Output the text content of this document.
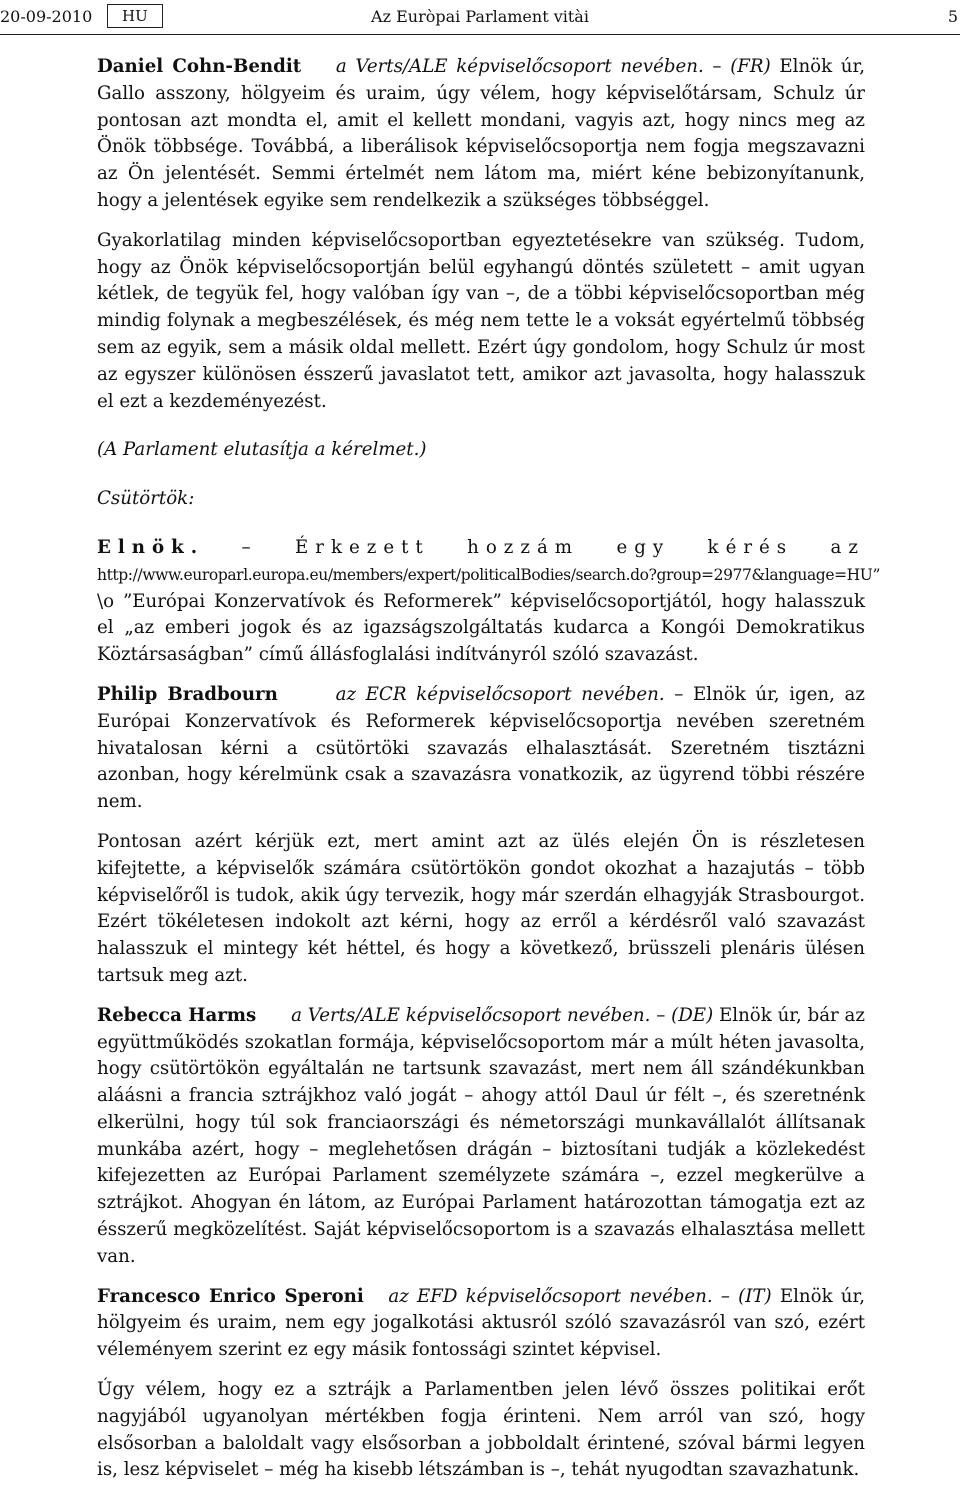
20-09-2010	HU	Az Euròpai Parlament vitài	5

Daniel Cohn-Bendit a Verts/ALE képviselőcsoport nevében. – (FR) Elnök úr, Gallo asszony, hölgyeim és uraim, úgy vélem, hogy képviselőtársam, Schulz úr pontosan azt mondta el, amit el kellett mondani, vagyis azt, hogy nincs meg az Önök többsége. Továbbá, a liberálisok képviselőcsoportja nem fogja megszavazni az Ön jelentését. Semmi értelmét nem látom ma, miért kéne bebizonyítanunk, hogy a jelentések egyike sem rendelkezik a szükséges többséggel.

Gyakorlatilag minden képviselőcsoportban egyeztetésekre van szükség. Tudom, hogy az Önök képviselőcsoportján belül egyhangú döntés született – amit ugyan kétlek, de tegyük fel, hogy valóban így van –, de a többi képviselőcsoportban még mindig folynak a megbeszélések, és még nem tette le a voksát egyértelmű többség sem az egyik, sem a másik oldal mellett. Ezért úgy gondolom, hogy Schulz úr most az egyszer különösen ésszerű javaslatot tett, amikor azt javasolta, hogy halasszuk el ezt a kezdeményezést.

(A Parlament elutasítja a kérelmet.)

Csütörtök:

Elnök. – Érkezett hozzám egy kérés az

http://www.europarl.europa.eu/members/expert/politicalBodies/search.do?group=2977&language=HU”

\o ”Európai Konzervatívok és Reformerek” képviselőcsoportjától, hogy halasszuk el „az emberi jogok és az igazságszolgáltatás kudarca a Kongói Demokratikus Köztársaságban” című állásfoglalási indítványról szóló szavazást.

Philip Bradbourn	az ECR képviselőcsoport nevében. – Elnök úr, igen, az Európai Konzervatívok és Reformerek képviselőcsoportja nevében szeretném hivatalosan kérni a csütörtöki szavazás elhalasztását. Szeretném tisztázni azonban, hogy kérelmünk csak a szavazásra vonatkozik, az ügyrend többi részére nem.

Pontosan azért kérjük ezt, mert amint azt az ülés elején Ön is részletesen kifejtette, a képviselők számára csütörtökön gondot okozhat a hazajutás – több képviselőről is tudok, akik úgy tervezik, hogy már szerdán elhagyják Strasbourgot. Ezért tökéletesen indokolt azt kérni, hogy az erről a kérdésről való szavazást halasszuk el mintegy két héttel, és hogy a következő, brüsszeli plenáris ülésen tartsuk meg azt.

Rebecca Harms a Verts/ALE képviselőcsoport nevében. – (DE) Elnök úr, bár az együttműködés szokatlan formája, képviselőcsoportom már a múlt héten javasolta, hogy csütörtökön egyáltalán ne tartsunk szavazást, mert nem áll szándékunkban aláásni a francia sztrájkhoz való jogát – ahogy attól Daul úr félt –, és szeretnénk elkerülni, hogy túl sok franciaországi és németországi munkavállalót állítsanak munkába azért, hogy – meglehetősen drágán – biztosítani tudják a közlekedést kifejezetten az Európai Parlament személyzete számára –, ezzel megkerülve a sztrájkot. Ahogyan én látom, az Európai Parlament határozottan támogatja ezt az ésszerű megközelítést. Saját képviselőcsoportom is a szavazás elhalasztása mellett van.

Francesco Enrico Speroni az EFD képviselőcsoport nevében. – (IT) Elnök úr, hölgyeim és uraim, nem egy jogalkotási aktusról szóló szavazásról van szó, ezért véleményem szerint ez egy másik fontossági szintet képvisel.

Úgy vélem, hogy ez a sztrájk a Parlamentben jelen lévő összes politikai erőt nagyjából ugyanolyan mértékben fogja érinteni. Nem arról van szó, hogy elsősorban a baloldalt vagy elsősorban a jobboldalt érintené, szóval bármi legyen is, lesz képviselet – még ha kisebb létszámban is –, tehát nyugodtan szavazhatunk.
